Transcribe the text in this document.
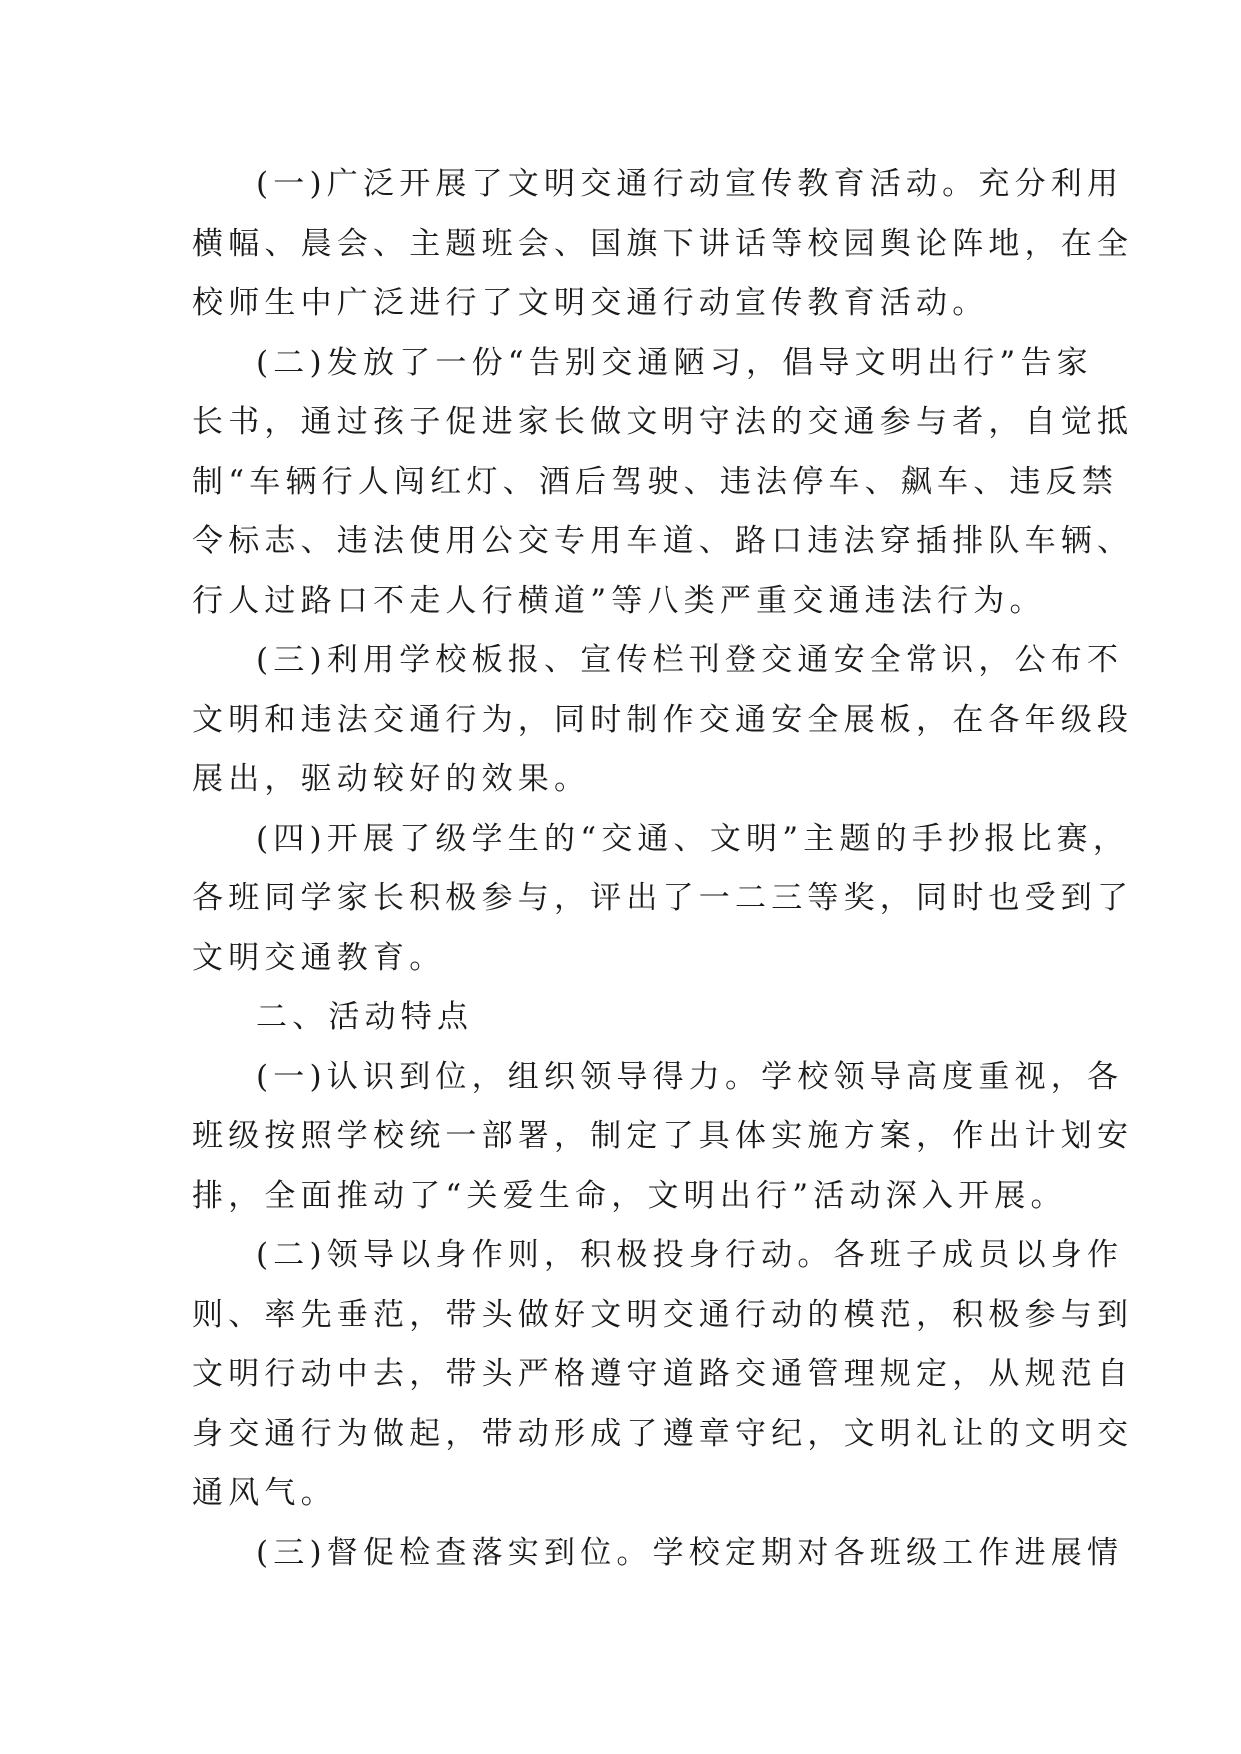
(一)广泛开展了文明交通行动宣传教育活动。充分利用
横幅、晨会、主题班会、国旗下讲话等校园舆论阵地，在全
校师生中广泛进行了文明交通行动宣传教育活动。
(二)发放了一份“告别交通陋习，倡导文明出行”告家
长书，通过孩子促进家长做文明守法的交通参与者，自觉抵
制“车辆行人闯红灯、酒后驾驶、违法停车、飙车、违反禁
令标志、违法使用公交专用车道、路口违法穿插排队车辆、
行人过路口不走人行横道”等八类严重交通违法行为。
(三)利用学校板报、宣传栏刊登交通安全常识，公布不
文明和违法交通行为，同时制作交通安全展板，在各年级段
展出，驱动较好的效果。
(四)开展了级学生的“交通、文明”主题的手抄报比赛，
各班同学家长积极参与，评出了一二三等奖，同时也受到了
文明交通教育。
二、活动特点
(一)认识到位，组织领导得力。学校领导高度重视，各
班级按照学校统一部署，制定了具体实施方案，作出计划安
排，全面推动了“关爱生命，文明出行”活动深入开展。
(二)领导以身作则，积极投身行动。各班子成员以身作
则、率先垂范，带头做好文明交通行动的模范，积极参与到
文明行动中去，带头严格遵守道路交通管理规定，从规范自
身交通行为做起，带动形成了遵章守纪，文明礼让的文明交
通风气。
(三)督促检查落实到位。学校定期对各班级工作进展情
